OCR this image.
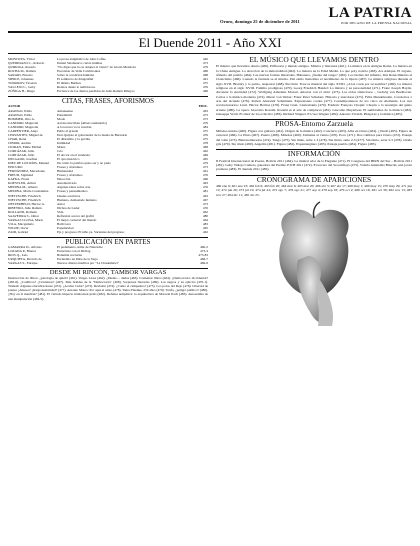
Oruro, domingo 25 de diciembre de 2011
LA PATRIA
POR DECANO DE LA PRENSA NACIONAL
El Duende 2011 - Año XXI
MONTOYA, Víctor	La prosa enigmática de John Coffee	440
QUEIRDAZO C., Roberto	Daniel Salamanca: cartas íntimas	473
QUIROGA, Rosario	"No digas que no se alzaper el viento" de Gloria Mendoza	479
ROCHA M., Ramón	Encontrar de Velia Calvimontes	466
SARAID, Ernesto	Sobre la condición humana	468
SIERLE, Johannes	El sombrero de Klugenfluf	461
TODOROV, Tzvetan	El último Barthes	475
VALLEJO C., Gaby	Relatos desde lo tembloroso	476
ZÚÑIGA H., Diego	En busca de los diarios perdidos de Julio Ramón Ribeyro	466
CITAS, FRASES, AFORISMOS
AUTOR	EDIC.
ARANGO, Pablo	Amanuense	463
ARANGO, Pablo	Estudiantil	473
BOMMER, Otto A.	Moda	473
CANDORI, Magnolia	Así me inscriben (Albert enténderlo)	479
CANDORI, Magnolia	A la tercera va la vencida	484
CARPENTIER, Alejo	Pablo el grande	475
CERVANTES, Miguel de	Don Quijote al gobernador de la ínsula de Barataria	476
CHAR, René	El ditirambo y la gavilla	475
CIBIOR, Andrés	Intimidad	478
CIORAN, Emile Michel	Males	468
CORTÁZAR, Julio	Cris	462
CORTÁZAR, Julio	El doctor en el vendedor	469
DELGADO, Josefina	El ojeo histórico	465
DIEZ DE LOS RÍOS, Manuel	De cómo la palabra quiso ser y no pudo	479
EPICURO	Frases y aforismos	473
FERNÁNDEZ, Macedonio	Humanidad	461
FREUD, Sigmund	Frases y aforismos	476
KAFKA, Franz	Dirección	466
KOESTLER, Arthur	Automotivado	463
MEDINA M., Alberto	Algunas ideas sobre arte	476
MEDINA, María Constantina	Frases y pensamientos	481
NIETZSCHE, Friedrich	Ideales acerbicos	463
NIETZSCHE, Friedrich	Humano, demasiado humano	467
OESTERHELD, Héctor G.	Amor	473
RIBEYRO, Julio Ramón	Dichos de Luder	476
ROLLAND, Romain	Vida	462
SAAVEDRA S., Omar	Reflexión acerca del grafiti	480
VARGAS LLOSA, Mario	El mejor carnaval del mundo	464
VILA, Macgamala	Ballí Lara	483
WILDE, Oscar	Popularidad	465
ZAID, Gabriel	Ejs y progreso: El niño ya. Variantes del progreso	462
PUBLICACIÓN EN PARTES
GAMARRA D., Alfonso	El pedamento onilar de Nietzsche	460-2
LOZADA P., Blanca	Entrevista con el Dichag	473-4
RIOS Q., Luis	Bohemia nocturna	473-83
URQUIETA, Ricardo de	Escándalo en Ilabe de la Vega	466-7
VARGAS S., Enrique	Nuevos diarios inéditos por "La Chaskañawi"	469-9
DESDE MI RINCÓN, TAMBOR VARGAS

Destrucción de libros: ¿patología de quién? (461). Vargas Llosa (462). ¿Dudas… dudas (463). Comentar libros (464). ¿Democracia: Occidental? (465-6). ¿Catálicos? ¿Cristianos? (467). Más brindes de la "Democracia" (468). Sorpresas literarias (469). Los negros y su ejército (470-1). Tindeni: Algunas elucubraciones (472). ¿Acabar Cuba? (473). Revisión (474). ¿Como el campesino? (475). Los polos del Rejo (476). Libertad de prensa ¿Abusos? ¿Responsabilidad? (477). Antonio Mateo: Por aquí el santo (478). Tadeo Haenke, 250 años (479). Tarifa, ¿peligro público? (480). ¿Hoy en la menbría? (481). El variado impecio intelectual judío (482). Defensa antipática: la arquitectura de Marcela Ilach (483). Autoestima de una manipulación (484-5).

EL MÚSICO QUE LLEVAMOS DENTRO

El músico que llevamos dentro (460). Pitfhooria y mundo antiguo. Música y literatura (461). La música en la Antigua Roma. La música en la China Antigua. La atracción de la inmortalidad (462). La música en la Edad Media. La que poly noticia (463). Ars Antiqua. El órgano, afinerío del pueblo (464). Las nuevas formas musicales. Habanera, ¿fuente del tango? (465). Los bielles del infierno. Del Renacimiento al Clasicismo (466). Cuando la fantasía se el mucho. Del estilo metodista el nacimiento de la Opera (467). La música religiosa durante el siglo XVII. Bistraty y lo patrio, nsquostal (468). Puccinia: Trascos musical del siglo XVIII. ¿A las cosas por su nombre? (469). La música religiosa en el siglo XVIII. Familia prodigiosa (470). Georg Friedrich Handel: La música y su personalidad (471). Franz Joseph Haydn. Alcanzar la eternidad (472). Wolfgang Amadeus Mozart. Ahorras con el alcirr (473). Los oídos silenciosos – Ludwig van Beethoven. Carlos a la música moderna (474). Music von Weber: Franz Peter Schubert. Historia y anécdotas (475). Félix Mendelssohn. Conciertos o arte del alcunde (476). Robert Alexandr Schumann. Expresiones cordes (477). Contemporáneos de los cisco en Alemania. Los tres revolucionarios: Liszt. Héctor Berlioz (478). Franz Liszt. Lisztomanía (479). Frédéric François Chopin: Chopin o la nostalgia del genio errante (480). La ópera. Giacomo Rossini. Rossini es el arte de complacer (481). Giacomo Meyerbeer. El sembramos de la música (482). Giuseppe Verdi. El amor de los ecléctico (483). Richard Wagner. El caso Wagner (484). Antonio Vivaldi. Pitágoras y la música (485).

PROSA-Entorno Zarzuela

Milanos unidos (460). Figura con guitarra (461). Origen de la música (462). Concierto (463). Alba en Oruro (464). ¿Vendó (465). Figura de carnaval (466). La Pinto (467). Puerto (468). Minolas (469). Temudas al viento (470). Poco (471). Dos cambios para Oruro (472). Paisaje del valle (473). Bienaventurados (474). Tango (475). Sin título, serie 1-3 (476). Sin título, serie 2-3 (477). Sin título, serie 3-3 (478). Otoño gris (479). Sin título (480). Angelita (481). Figura (482). Expantangüero (483). Paisaje pueblo (484). Figura (485).

INFORMACIÓN

II Festival Internacional de Poesía, Bolivia 2011 (464). La tiniéral ador de la Elegante (471). El Congreso del BIRN del Sur – Bolivia 2011 (481). Gaby Vallejo Camelo, ganadora del Premio EJCH 2011 (472). El tercero del Secomfioys (475). Valeria Amandisa Bliecati, una joven promesa (483). El duende 2011 (485).

CRONOGRAMA DE APARICIONES

460 ene 9; 461 ene 23; 462 feb 6; 463 feb 20; 464 mar 6; 465 mar 20; 466 abr 3; 467 abr 17; 468 may 1; 469 may 15; 470 may 29; 471 jun 12; 472 jun 26; 473 jul 10; 474 jul 24; 475 ago 7; 476 ago 21; 477 sep 4; 478 sep 18; 479 oct 2; 480 oct 16; 481 oct 30; 482 nov 13; 483 nov 27; 484 dic 11; 485 dic 25.
